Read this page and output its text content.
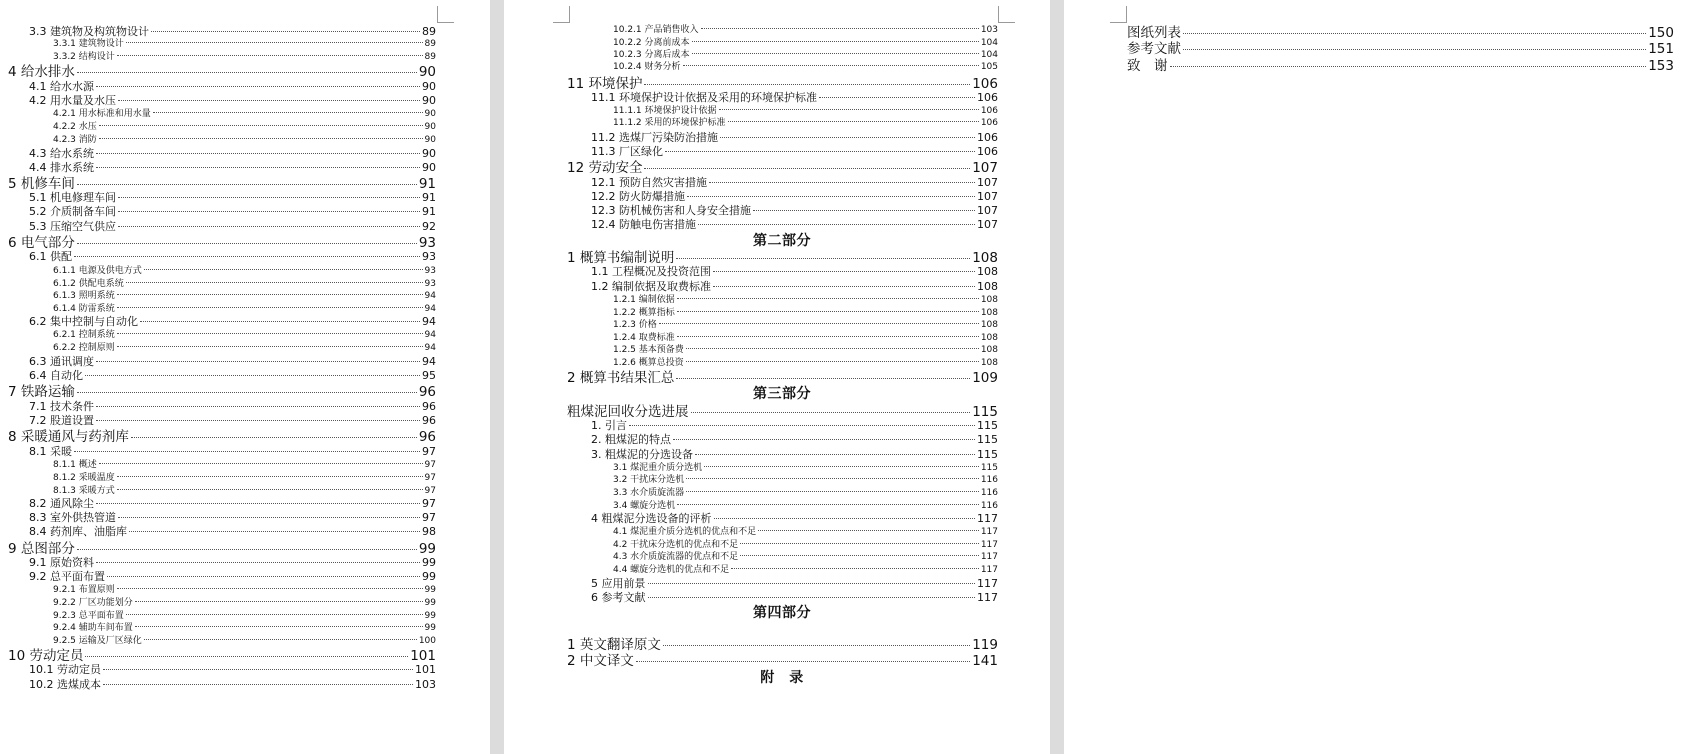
3.3 建筑物及构筑物设计	89
3.3.1 建筑物设计	89
3.3.2 结构设计	89
4 给水排水	90
4.1 给水水源	90
4.2 用水量及水压	90
4.2.1 用水标准和用水量	90
4.2.2 水压	90
4.2.3 消防	90
4.3 给水系统	90
4.4 排水系统	90
5 机修车间	91
5.1 机电修理车间	91
5.2 介质制备车间	91
5.3 压缩空气供应	92
6 电气部分	93
6.1 供配	93
6.1.1 电源及供电方式	93
6.1.2 供配电系统	93
6.1.3 照明系统	94
6.1.4 防雷系统	94
6.2 集中控制与自动化	94
6.2.1 控制系统	94
6.2.2 控制原则	94
6.3 通讯调度	94
6.4 自动化	95
7 铁路运输	96
7.1 技术条件	96
7.2 股道设置	96
8 采暖通风与药剂库	96
8.1 采暖	97
8.1.1 概述	97
8.1.2 采暖温度	97
8.1.3 采暖方式	97
8.2 通风除尘	97
8.3 室外供热管道	97
8.4 药剂库、油脂库	98
9 总图部分	99
9.1 原始资料	99
9.2 总平面布置	99
9.2.1 布置原则	99
9.2.2 厂区功能划分	99
9.2.3 总平面布置	99
9.2.4 辅助车间布置	99
9.2.5 运输及厂区绿化	100
10 劳动定员	101
10.1 劳动定员	101
10.2 选煤成本	103
10.2.1 产品销售收入	103
10.2.2 分离前成本	104
10.2.3 分离后成本	104
10.2.4 财务分析	105
11 环境保护	106
11.1 环境保护设计依据及采用的环境保护标准	106
11.1.1 环境保护设计依据	106
11.1.2 采用的环境保护标准	106
11.2 选煤厂污染防治措施	106
11.3 厂区绿化	106
12 劳动安全	107
12.1 预防自然灾害措施	107
12.2 防火防爆措施	107
12.3 防机械伤害和人身安全措施	107
12.4 防触电伤害措施	107
第二部分
1 概算书编制说明	108
1.1 工程概况及投资范围	108
1.2 编制依据及取费标准	108
1.2.1 编制依据	108
1.2.2 概算指标	108
1.2.3 价格	108
1.2.4 取费标准	108
1.2.5 基本预备费	108
1.2.6 概算总投资	108
2 概算书结果汇总	109
第三部分
粗煤泥回收分选进展	115
1. 引言	115
2. 粗煤泥的特点	115
3. 粗煤泥的分选设备	115
3.1 煤泥重介质分选机	115
3.2 干扰床分选机	116
3.3 水介质旋流器	116
3.4 螺旋分选机	116
4 粗煤泥分选设备的评析	117
4.1 煤泥重介质分选机的优点和不足	117
4.2 干扰床分选机的优点和不足	117
4.3 水介质旋流器的优点和不足	117
4.4 螺旋分选机的优点和不足	117
5 应用前景	117
6 参考文献	117
第四部分
1 英文翻译原文	119
2 中文译文	141
附　录
图纸列表	150
参考文献	151
致　谢	153
